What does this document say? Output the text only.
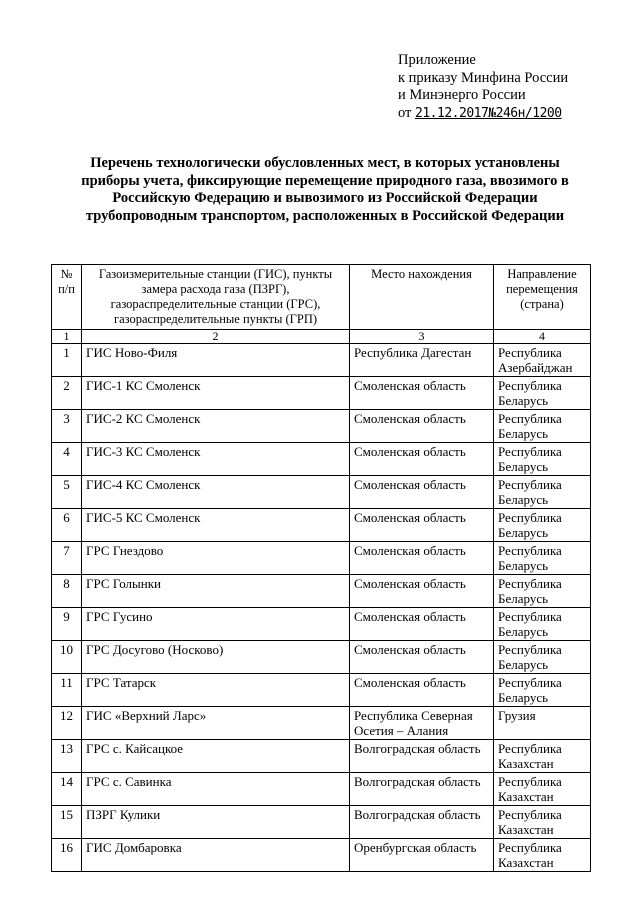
Приложение
к приказу Минфина России
и Минэнерго России
от 21.12.2017№246н/1200
Перечень технологически обусловленных мест, в которых установлены приборы учета, фиксирующие перемещение природного газа, ввозимого в Российскую Федерацию и вывозимого из Российской Федерации трубопроводным транспортом, расположенных в Российской Федерации
№ п/п	Газоизмерительные станции (ГИС), пункты замера расхода газа (ПЗРГ), газораспределительные станции (ГРС), газораспределительные пункты (ГРП)	Место нахождения	Направление перемещения (страна)
1	2	3	4
1	ГИС Ново-Филя	Республика Дагестан	Республика Азербайджан
2	ГИС-1 КС Смоленск	Смоленская область	Республика Беларусь
3	ГИС-2 КС Смоленск	Смоленская область	Республика Беларусь
4	ГИС-3 КС Смоленск	Смоленская область	Республика Беларусь
5	ГИС-4 КС Смоленск	Смоленская область	Республика Беларусь
6	ГИС-5 КС Смоленск	Смоленская область	Республика Беларусь
7	ГРС Гнездово	Смоленская область	Республика Беларусь
8	ГРС Голынки	Смоленская область	Республика Беларусь
9	ГРС Гусино	Смоленская область	Республика Беларусь
10	ГРС Досугово (Носково)	Смоленская область	Республика Беларусь
11	ГРС Татарск	Смоленская область	Республика Беларусь
12	ГИС «Верхний Ларс»	Республика Северная Осетия – Алания	Грузия
13	ГРС с. Кайсацкое	Волгоградская область	Республика Казахстан
14	ГРС с. Савинка	Волгоградская область	Республика Казахстан
15	ПЗРГ Кулики	Волгоградская область	Республика Казахстан
16	ГИС Домбаровка	Оренбургская область	Республика Казахстан
